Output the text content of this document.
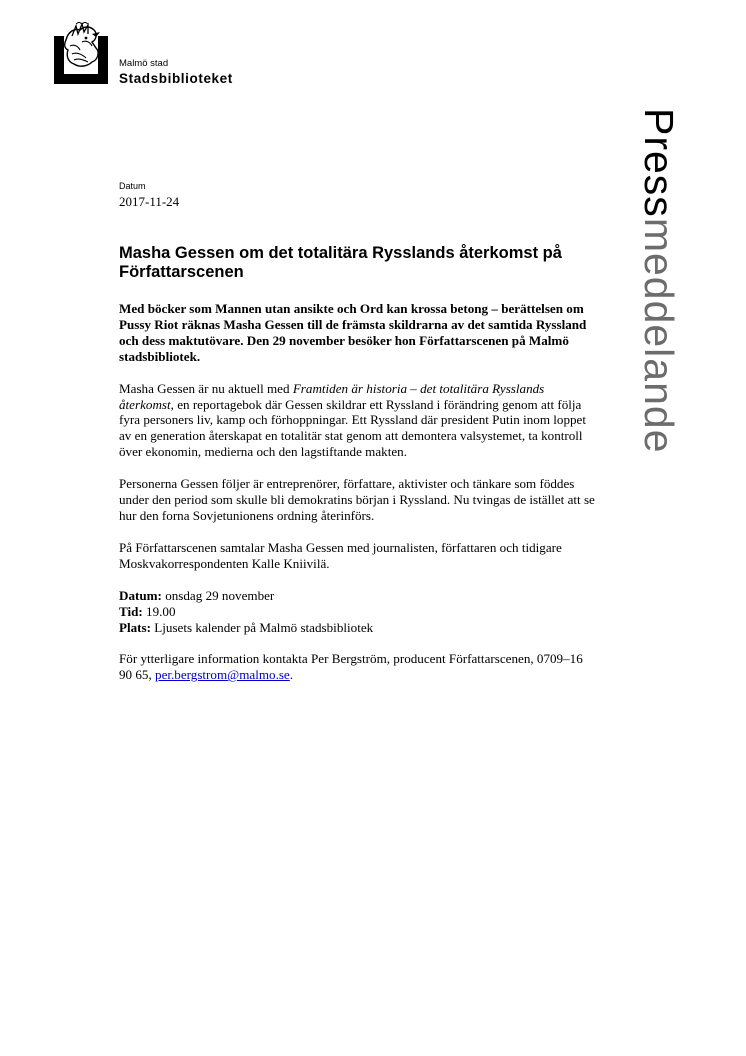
Malmö stad
Stadsbiblioteket
Pressmeddelande
Datum
2017-11-24
Masha Gessen om det totalitära Rysslands återkomst på Författarscenen

Med böcker som Mannen utan ansikte och Ord kan krossa betong – berättelsen om Pussy Riot räknas Masha Gessen till de främsta skildrarna av det samtida Ryssland och dess maktutövare. Den 29 november besöker hon Författarscenen på Malmö stadsbibliotek.

Masha Gessen är nu aktuell med Framtiden är historia – det totalitära Rysslands återkomst, en reportagebok där Gessen skildrar ett Ryssland i förändring genom att följa fyra personers liv, kamp och förhoppningar. Ett Ryssland där president Putin inom loppet av en generation återskapat en totalitär stat genom att demontera valsystemet, ta kontroll över ekonomin, medierna och den lagstiftande makten.

Personerna Gessen följer är entreprenörer, författare, aktivister och tänkare som föddes under den period som skulle bli demokratins början i Ryssland. Nu tvingas de istället att se hur den forna Sovjetunionens ordning återinförs.

På Författarscenen samtalar Masha Gessen med journalisten, författaren och tidigare Moskvakorrespondenten Kalle Kniivilä.

Datum: onsdag 29 november
Tid: 19.00
Plats: Ljusets kalender på Malmö stadsbibliotek

För ytterligare information kontakta Per Bergström, producent Författarscenen, 0709–16 90 65, per.bergstrom@malmo.se.
